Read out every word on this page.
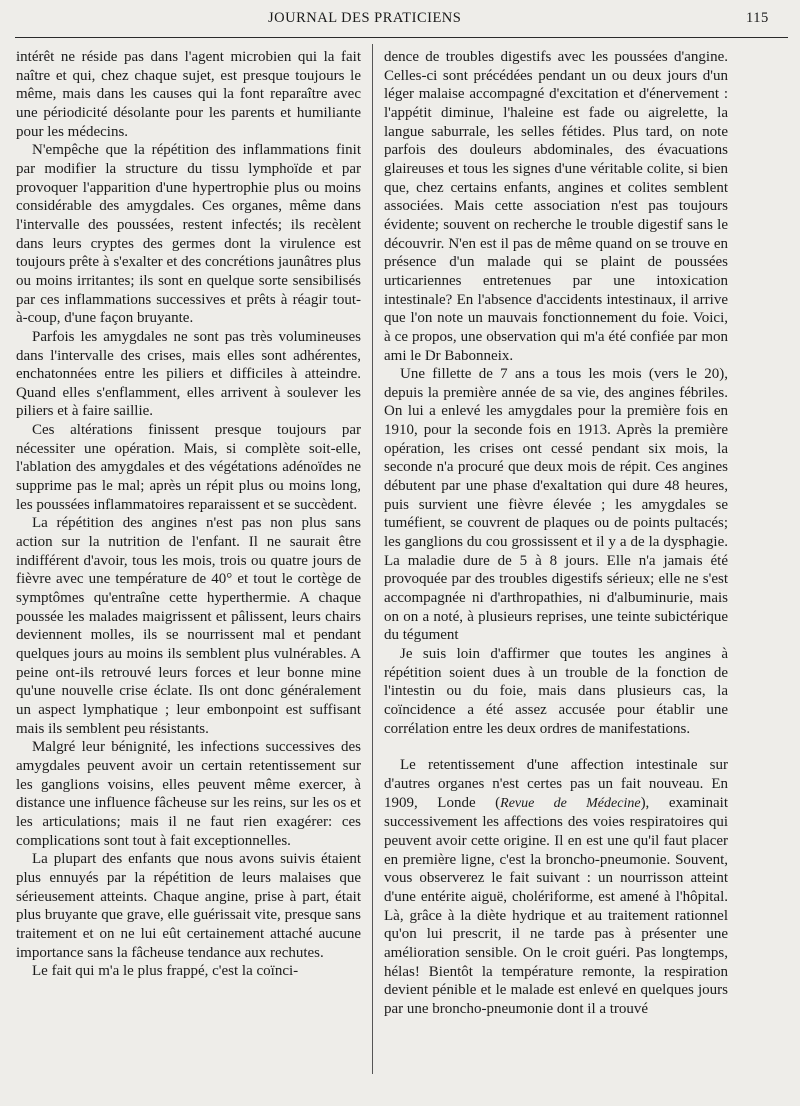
JOURNAL DES PRATICIENS	115

intérêt ne réside pas dans l'agent microbien qui la fait naître et qui, chez chaque sujet, est presque toujours le même, mais dans les causes qui la font reparaître avec une périodicité désolante pour les parents et humiliante pour les médecins.

N'empêche que la répétition des inflammations finit par modifier la structure du tissu lymphoïde et par provoquer l'apparition d'une hypertrophie plus ou moins considérable des amygdales. Ces organes, même dans l'intervalle des poussées, restent infectés; ils recèlent dans leurs cryptes des germes dont la virulence est toujours prête à s'exalter et des concrétions jaunâtres plus ou moins irritantes; ils sont en quelque sorte sensibilisés par ces inflammations successives et prêts à réagir tout-à-coup, d'une façon bruyante.

Parfois les amygdales ne sont pas très volumineuses dans l'intervalle des crises, mais elles sont adhérentes, enchatonnées entre les piliers et difficiles à atteindre. Quand elles s'enflamment, elles arrivent à soulever les piliers et à faire saillie.

Ces altérations finissent presque toujours par nécessiter une opération. Mais, si complète soit-elle, l'ablation des amygdales et des végétations adénoïdes ne supprime pas le mal; après un répit plus ou moins long, les poussées inflammatoires reparaissent et se succèdent.

La répétition des angines n'est pas non plus sans action sur la nutrition de l'enfant. Il ne saurait être indifférent d'avoir, tous les mois, trois ou quatre jours de fièvre avec une température de 40° et tout le cortège de symptômes qu'entraîne cette hyperthermie. A chaque poussée les malades maigrissent et pâlissent, leurs chairs deviennent molles, ils se nourrissent mal et pendant quelques jours au moins ils semblent plus vulnérables. A peine ont-ils retrouvé leurs forces et leur bonne mine qu'une nouvelle crise éclate. Ils ont donc généralement un aspect lymphatique ; leur embonpoint est suffisant mais ils semblent peu résistants.

Malgré leur bénignité, les infections successives des amygdales peuvent avoir un certain retentissement sur les ganglions voisins, elles peuvent même exercer, à distance une influence fâcheuse sur les reins, sur les os et les articulations; mais il ne faut rien exagérer: ces complications sont tout à fait exceptionnelles.

La plupart des enfants que nous avons suivis étaient plus ennuyés par la répétition de leurs malaises que sérieusement atteints. Chaque angine, prise à part, était plus bruyante que grave, elle guérissait vite, presque sans traitement et on ne lui eût certainement attaché aucune importance sans la fâcheuse tendance aux rechutes.

Le fait qui m'a le plus frappé, c'est la coïnci-

dence de troubles digestifs avec les poussées d'angine. Celles-ci sont précédées pendant un ou deux jours d'un léger malaise accompagné d'excitation et d'énervement : l'appétit diminue, l'haleine est fade ou aigrelette, la langue saburrale, les selles fétides. Plus tard, on note parfois des douleurs abdominales, des évacuations glaireuses et tous les signes d'une véritable colite, si bien que, chez certains enfants, angines et colites semblent associées. Mais cette association n'est pas toujours évidente; souvent on recherche le trouble digestif sans le découvrir. N'en est il pas de même quand on se trouve en présence d'un malade qui se plaint de poussées urticariennes entretenues par une intoxication intestinale? En l'absence d'accidents intestinaux, il arrive que l'on note un mauvais fonctionnement du foie. Voici, à ce propos, une observation qui m'a été confiée par mon ami le Dr Babonneix.

Une fillette de 7 ans a tous les mois (vers le 20), depuis la première année de sa vie, des angines fébriles. On lui a enlevé les amygdales pour la première fois en 1910, pour la seconde fois en 1913. Après la première opération, les crises ont cessé pendant six mois, la seconde n'a procuré que deux mois de répit. Ces angines débutent par une phase d'exaltation qui dure 48 heures, puis survient une fièvre élevée ; les amygdales se tuméfient, se couvrent de plaques ou de points pultacés; les ganglions du cou grossissent et il y a de la dysphagie. La maladie dure de 5 à 8 jours. Elle n'a jamais été provoquée par des troubles digestifs sérieux; elle ne s'est accompagnée ni d'arthropathies, ni d'albuminurie, mais on on a noté, à plusieurs reprises, une teinte subictérique du tégument

Je suis loin d'affirmer que toutes les angines à répétition soient dues à un trouble de la fonction de l'intestin ou du foie, mais dans plusieurs cas, la coïncidence a été assez accusée pour établir une corrélation entre les deux ordres de manifestations.

Le retentissement d'une affection intestinale sur d'autres organes n'est certes pas un fait nouveau. En 1909, Londe (Revue de Médecine), examinait successivement les affections des voies respiratoires qui peuvent avoir cette origine. Il en est une qu'il faut placer en première ligne, c'est la broncho-pneumonie. Souvent, vous observerez le fait suivant : un nourrisson atteint d'une entérite aiguë, cholériforme, est amené à l'hôpital. Là, grâce à la diète hydrique et au traitement rationnel qu'on lui prescrit, il ne tarde pas à présenter une amélioration sensible. On le croit guéri. Pas longtemps, hélas! Bientôt la température remonte, la respiration devient pénible et le malade est enlevé en quelques jours par une broncho-pneumonie dont il a trouvé
